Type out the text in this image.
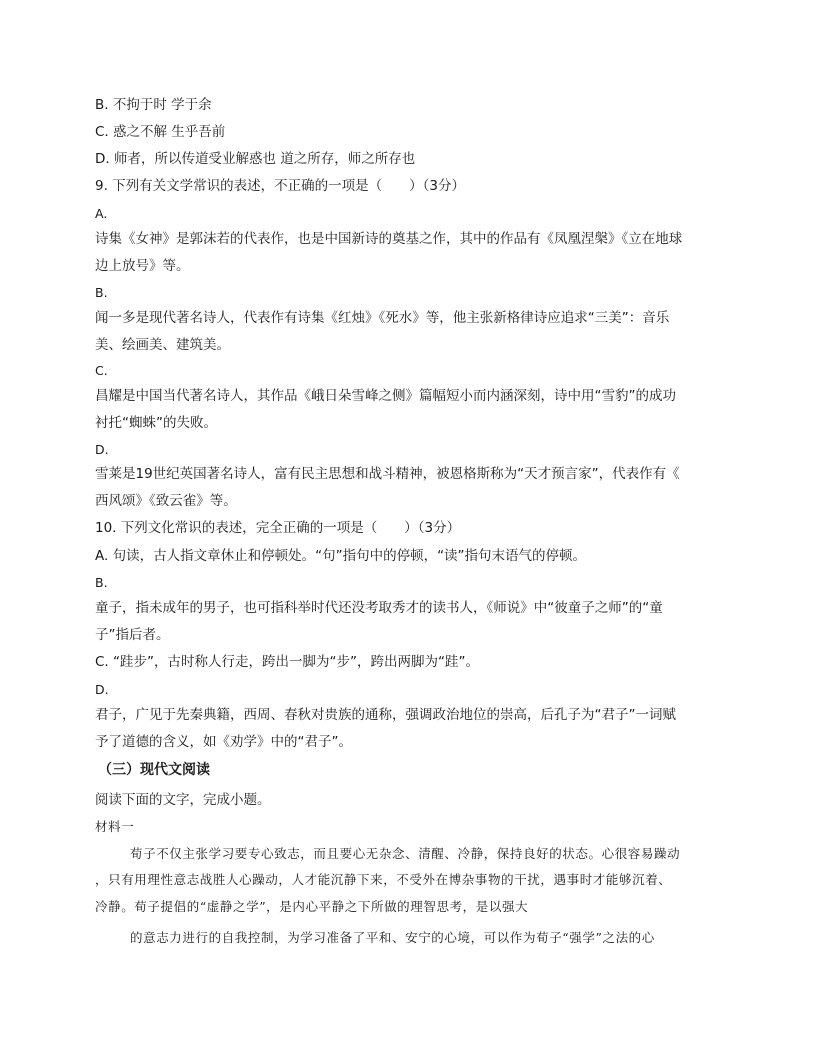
B. 不拘于时 学于余
C. 惑之不解 生乎吾前
D. 师者，所以传道受业解惑也 道之所存，师之所存也
9. 下列有关文学常识的表述，不正确的一项是（　　）（3分）
A.
诗集《女神》是郭沫若的代表作，也是中国新诗的奠基之作，其中的作品有《凤凰涅槃》《立在地球
边上放号》等。
B.
闻一多是现代著名诗人，代表作有诗集《红烛》《死水》等，他主张新格律诗应追求“三美”：音乐
美、绘画美、建筑美。
C.
昌耀是中国当代著名诗人，其作品《峨日朵雪峰之侧》篇幅短小而内涵深刻，诗中用“雪豹”的成功
衬托“蜘蛛”的失败。
D.
雪莱是19世纪英国著名诗人，富有民主思想和战斗精神，被恩格斯称为“天才预言家”，代表作有《
西风颂》《致云雀》等。
10. 下列文化常识的表述，完全正确的一项是（　　）（3分）
A. 句读，古人指文章休止和停顿处。“句”指句中的停顿，“读”指句末语气的停顿。
B.
童子，指未成年的男子，也可指科举时代还没考取秀才的读书人，《师说》中“彼童子之师”的“童
子”指后者。
C. “跬步”，古时称人行走，跨出一脚为“步”，跨出两脚为“跬”。
D.
君子，广见于先秦典籍，西周、春秋对贵族的通称，强调政治地位的崇高，后孔子为“君子”一词赋
予了道德的含义，如《劝学》中的“君子”。
（三）现代文阅读
阅读下面的文字，完成小题。
材料一
荀子不仅主张学习要专心致志，而且要心无杂念、清醒、冷静，保持良好的状态。心很容易躁动
，只有用理性意志战胜人心躁动，人才能沉静下来，不受外在博杂事物的干扰，遇事时才能够沉着、
冷静。荀子提倡的“虚静之学”，是内心平静之下所做的理智思考，是以强大
的意志力进行的自我控制，为学习准备了平和、安宁的心境，可以作为荀子“强学”之法的心
